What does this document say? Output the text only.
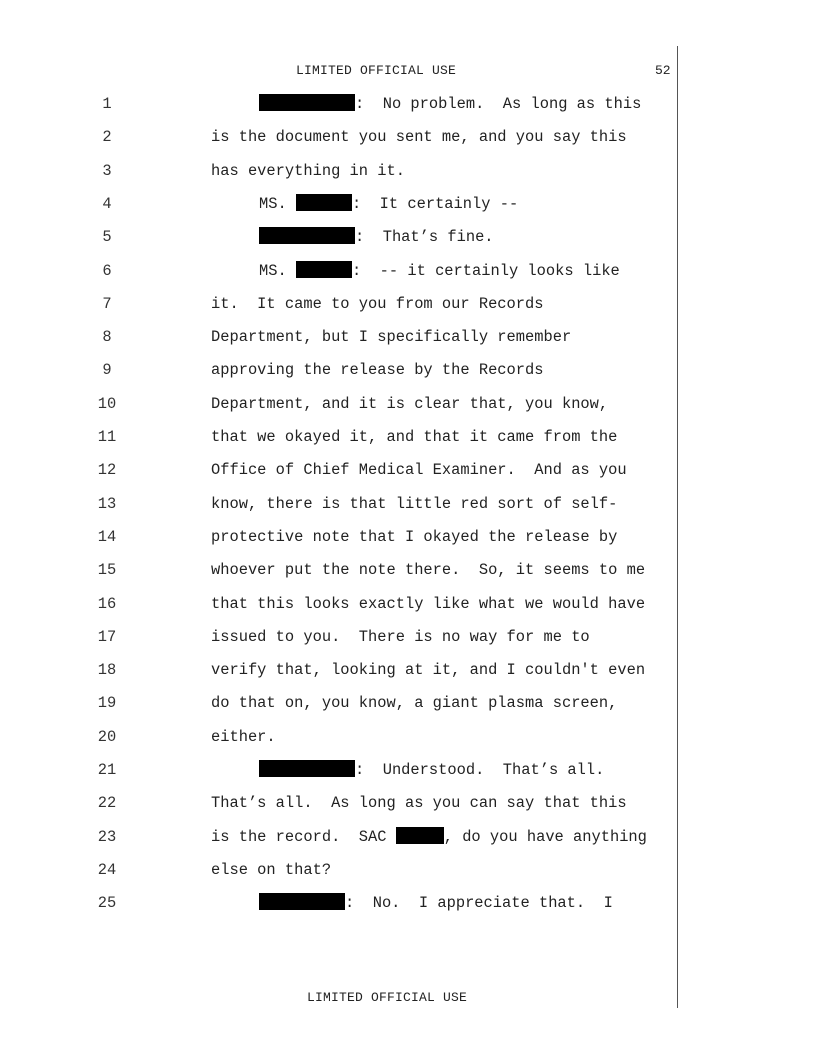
LIMITED OFFICIAL USE	52
1	:  No problem.  As long as this
2	is the document you sent me, and you say this
3	has everything in it.
4	MS.	:  It certainly --
5	:  That’s fine.
6	MS.	:  -- it certainly looks like
7	it.  It came to you from our Records
8	Department, but I specifically remember
9	approving the release by the Records
10	Department, and it is clear that, you know,
11	that we okayed it, and that it came from the
12	Office of Chief Medical Examiner.  And as you
13	know, there is that little red sort of self-
14	protective note that I okayed the release by
15	whoever put the note there.  So, it seems to me
16	that this looks exactly like what we would have
17	issued to you.  There is no way for me to
18	verify that, looking at it, and I couldn't even
19	do that on, you know, a giant plasma screen,
20	either.
21	:  Understood.  That’s all.
22	That’s all.  As long as you can say that this
23	is the record.  SAC	, do you have anything
24	else on that?
25	:  No.  I appreciate that.  I
LIMITED OFFICIAL USE
